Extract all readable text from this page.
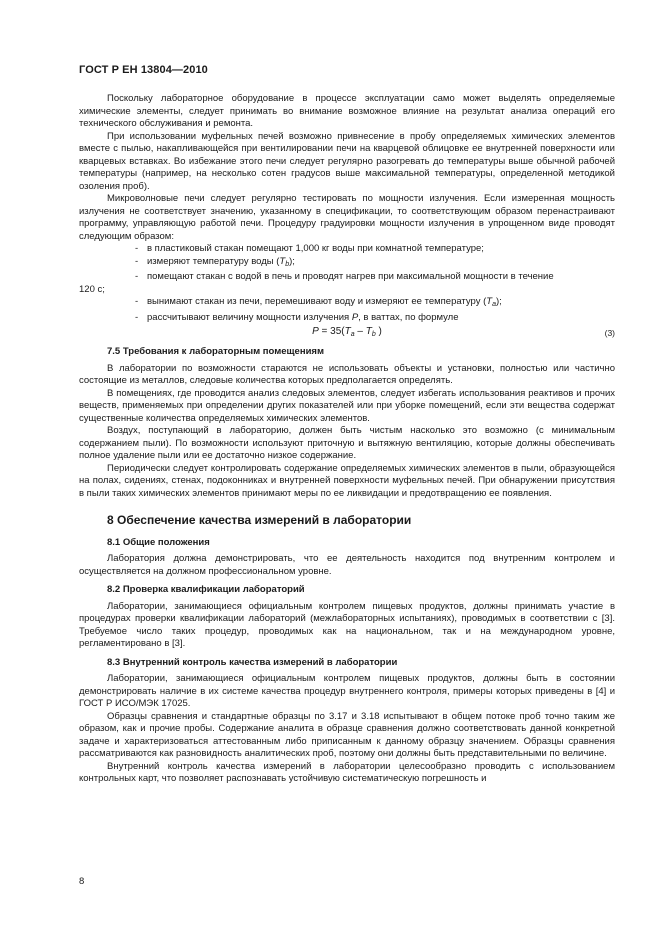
ГОСТ Р ЕН 13804—2010

Поскольку лабораторное оборудование в процессе эксплуатации само может выделять определяемые химические элементы, следует принимать во внимание возможное влияние на результат анализа операций его технического обслуживания и ремонта.

При использовании муфельных печей возможно привнесение в пробу определяемых химических элементов вместе с пылью, накапливающейся при вентилировании печи на кварцевой облицовке ее внутренней поверхности или кварцевых вставках. Во избежание этого печи следует регулярно разогревать до температуры выше обычной рабочей температуры (например, на несколько сотен градусов выше максимальной температуры, определенной методикой озоления проб).

Микроволновые печи следует регулярно тестировать по мощности излучения. Если измеренная мощность излучения не соответствует значению, указанному в спецификации, то соответствующим образом перенастраивают программу, управляющую работой печи. Процедуру градуировки мощности излучения в упрощенном виде проводят следующим образом:

- в пластиковый стакан помещают 1,000 кг воды при комнатной температуре;

- измеряют температуру воды $(T_b)$;

- помещают стакан с водой в печь и проводят нагрев при максимальной мощности в течение
120 с;

- вынимают стакан из печи, перемешивают воду и измеряют ее температуру $(T_a)$;

- рассчитывают величину мощности излучения P, в ваттах, по формуле

$P = 35(T_a - T_b$ )	(3)
7.5 Требования к лабораторным помещениям

В лаборатории по возможности стараются не использовать объекты и установки, полностью или частично состоящие из металлов, следовые количества которых предполагается определять.

В помещениях, где проводится анализ следовых элементов, следует избегать использования реактивов и прочих веществ, применяемых при определении других показателей или при уборке помещений, если эти вещества содержат существенные количества определяемых химических элементов.

Воздух, поступающий в лабораторию, должен быть чистым насколько это возможно (с минимальным содержанием пыли). По возможности используют приточную и вытяжную вентиляцию, которые должны обеспечивать полное удаление пыли или ее достаточно низкое содержание.

Периодически следует контролировать содержание определяемых химических элементов в пыли, образующейся на полах, сидениях, стенах, подоконниках и внутренней поверхности муфельных печей. При обнаружении присутствия в пыли таких химических элементов принимают меры по ее ликвидации и предотвращению ее появления.

8 Обеспечение качества измерений в лаборатории
8.1 Общие положения

Лаборатория должна демонстрировать, что ее деятельность находится под внутренним контролем и осуществляется на должном профессиональном уровне.

8.2 Проверка квалификации лабораторий

Лаборатории, занимающиеся официальным контролем пищевых продуктов, должны принимать участие в процедурах проверки квалификации лабораторий (межлабораторных испытаниях), проводимых в соответствии с [3]. Требуемое число таких процедур, проводимых как на национальном, так и на международном уровне, регламентировано в [3].

8.3 Внутренний контроль качества измерений в лаборатории

Лаборатории, занимающиеся официальным контролем пищевых продуктов, должны быть в состоянии демонстрировать наличие в их системе качества процедур внутреннего контроля, примеры которых приведены в [4] и ГОСТ Р ИСО/МЭК 17025.

Образцы сравнения и стандартные образцы по 3.17 и 3.18 испытывают в общем потоке проб точно таким же образом, как и прочие пробы. Содержание аналита в образце сравнения должно соответствовать данной конкретной задаче и характеризоваться аттестованным либо приписанным к данному образцу значением. Образцы сравнения рассматриваются как разновидность аналитических проб, поэтому они должны быть представительными по величине.

Внутренний контроль качества измерений в лаборатории целесообразно проводить с использованием контрольных карт, что позволяет распознавать устойчивую систематическую погрешность и

8
